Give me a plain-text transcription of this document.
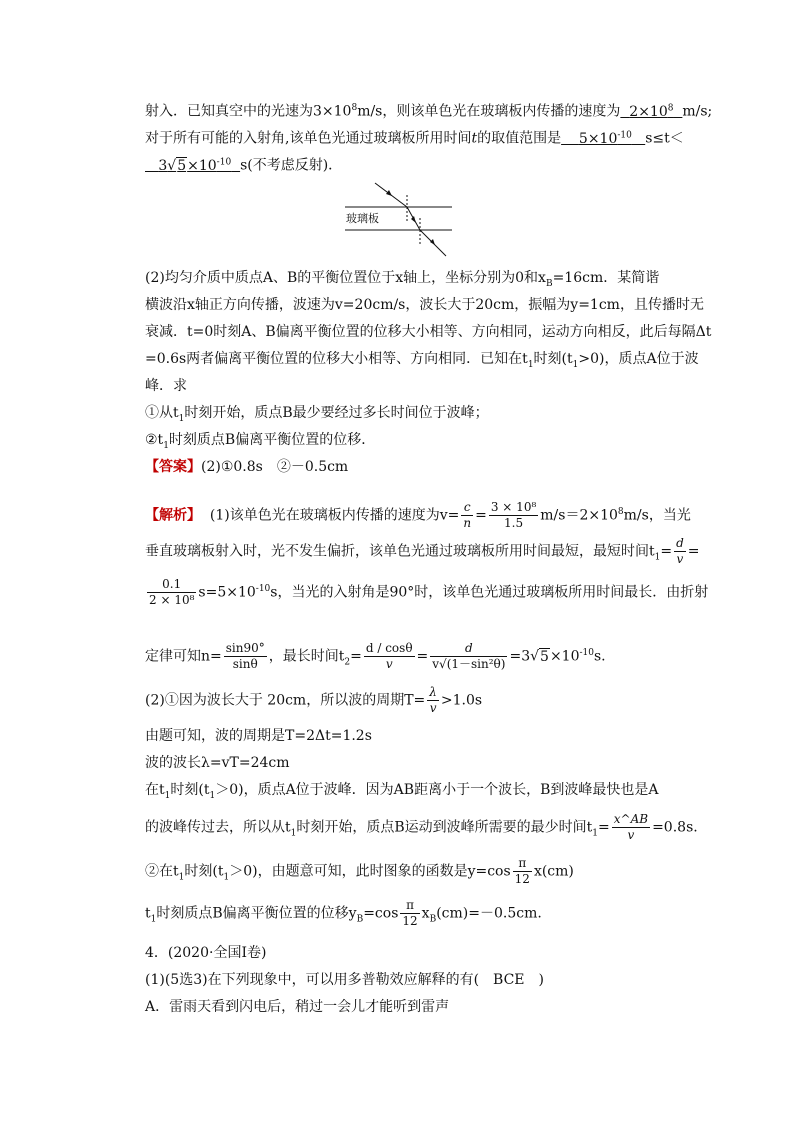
射入．已知真空中的光速为$3\times 10^8m/s$，则该单色光在玻璃板内传播的速度为 $2\times 10^8$ m/s;
对于所有可能的入射角,该单色光通过玻璃板所用时间t的取值范围是 $5\times 10^{-10}$ s≤t＜
$3√5\times 10^{-10}$ s(不考虑反射)．
玻璃板
(2)均匀介质中质点A、B的平衡位置位于x轴上，坐标分别为0和$x_B=16cm$．某简谐
横波沿x轴正方向传播，波速为v=20cm/s，波长大于20cm，振幅为y=1cm，且传播时无
衰减．t=0时刻A、B偏离平衡位置的位移大小相等、方向相同，运动方向相反，此后每隔Δt
=0.6s两者偏离平衡位置的位移大小相等、方向相同．已知在$t_1$时刻$(t_1>0)$，质点A位于波
峰．求
①从$t_1$时刻开始，质点B最少要经过多长时间位于波峰；
$②t_1$时刻质点B偏离平衡位置的位移．
【答案】(2)①0.8s　②－0.5cm
【解析】 (1)该单色光在玻璃板内传播的速度为$v= \frac{c}{n} = \frac{\text{3 × 10⁸}}{1.5} m/s=2\times 10^8m/s$，当光
垂直玻璃板射入时，光不发生偏折，该单色光通过玻璃板所用时间最短，最短时间$t_1= \frac{d}{v}$ =
$\frac{0.1}{\text{2 × 10⁸}} s=5\times 10^{-10}s$，当光的入射角是90°时，该单色光通过玻璃板所用时间最长．由折射
定律可知$n= \frac{\sin 90^\circ}{\sin\theta}$ ，最长时间$t_2= \frac{d / \cos\theta}{v} = \frac{d}{\text{v√(1－sin²θ)}} =3√5\times 10^{-10}s$.
(2)①因为波长大于 20cm，所以波的周期$T= \frac{\lambda}{v} >1.0s$
由题可知，波的周期是T=2Δt=1.2s
波的波长λ=vT=24cm
在$t_1$时刻$(t_1>0)$，质点A位于波峰．因为AB距离小于一个波长，B到波峰最快也是A
的波峰传过去，所以从$t_1$时刻开始，质点B运动到波峰所需要的最少时间$t_1= \frac{x\^{}AB}{v} =0.8s$.
②在$t_1$时刻$(t_1>0)$，由题意可知，此时图象的函数是$y=\cos \frac{\pi}{12} x(cm)$
$t_1$时刻质点B偏离平衡位置的位移$y_B=\cos \frac{\pi}{12} x_B(cm)=-0.5cm$.
4．(2020·全国Ⅰ卷)
(1)(5选3)在下列现象中，可以用多普勒效应解释的有(　BCE　)
A．雷雨天看到闪电后，稍过一会儿才能听到雷声
